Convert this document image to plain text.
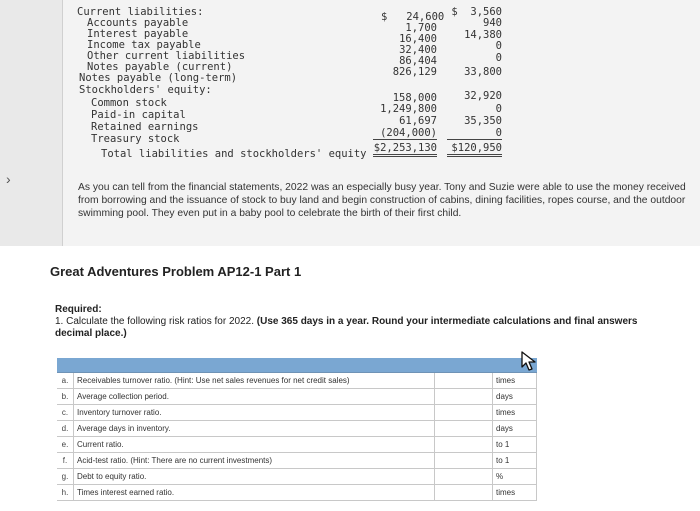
›
Current liabilities:
Accounts payable	$   24,600 $  3,560
Interest payable	1,700	940
Income tax payable	16,400	14,380
Other current liabilities	32,400	0
Notes payable (current)	86,404	0
Notes payable (long-term)	826,129	33,800
Stockholders' equity:
Common stock	158,000	32,920
Paid-in capital	1,249,800	0
Retained earnings	61,697	35,350
Treasury stock	(204,000)	0
Total liabilities and stockholders' equity $2,253,130	$120,950
As you can tell from the financial statements, 2022 was an especially busy year. Tony and Suzie were able to use the money received from borrowing and the issuance of stock to buy land and begin construction of cabins, dining facilities, ropes course, and the outdoor swimming pool. They even put in a baby pool to celebrate the birth of their first child.
Great Adventures Problem AP12-1 Part 1
Required:
1. Calculate the following risk ratios for 2022. (Use 365 days in a year. Round your intermediate calculations and final answers
decimal place.)

a.	Receivables turnover ratio. (Hint: Use net sales revenues for net credit sales)			times
b.	Average collection period.			days
c.	Inventory turnover ratio.			times
d.	Average days in inventory.			days
e.	Current ratio.			to 1
f.	Acid-test ratio. (Hint: There are no current investments)			to 1
g.	Debt to equity ratio.			%
h.	Times interest earned ratio.			times
